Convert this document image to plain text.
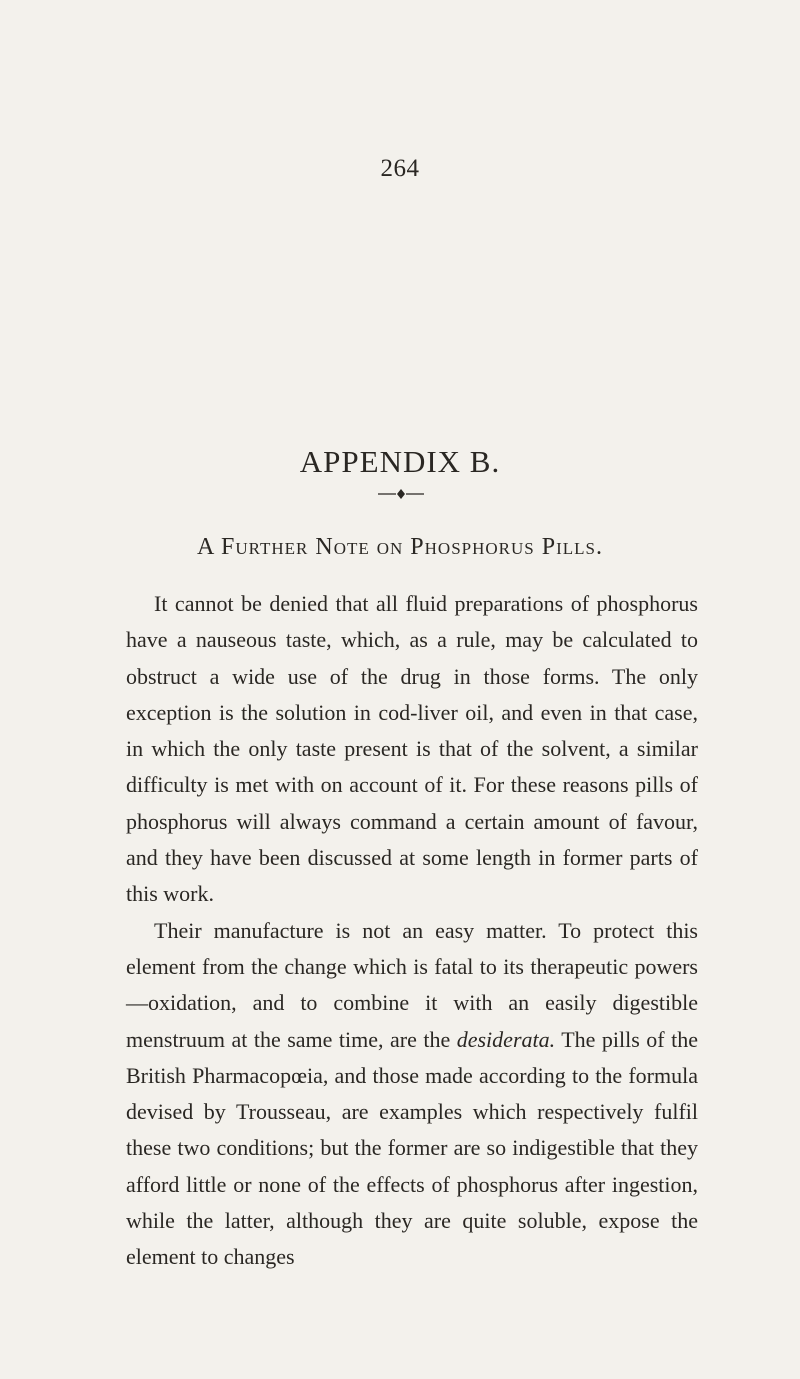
264
APPENDIX B.
A Further Note on Phosphorus Pills.

It cannot be denied that all fluid preparations of phosphorus have a nauseous taste, which, as a rule, may be calculated to obstruct a wide use of the drug in those forms. The only exception is the solution in cod-liver oil, and even in that case, in which the only taste present is that of the solvent, a similar difficulty is met with on account of it. For these reasons pills of phosphorus will always command a certain amount of favour, and they have been discussed at some length in former parts of this work.

Their manufacture is not an easy matter. To protect this element from the change which is fatal to its therapeutic powers—oxidation, and to combine it with an easily digestible menstruum at the same time, are the desiderata. The pills of the British Pharmacopœia, and those made according to the formula devised by Trousseau, are examples which respectively fulfil these two conditions; but the former are so indigestible that they afford little or none of the effects of phosphorus after ingestion, while the latter, although they are quite soluble, expose the element to changes
